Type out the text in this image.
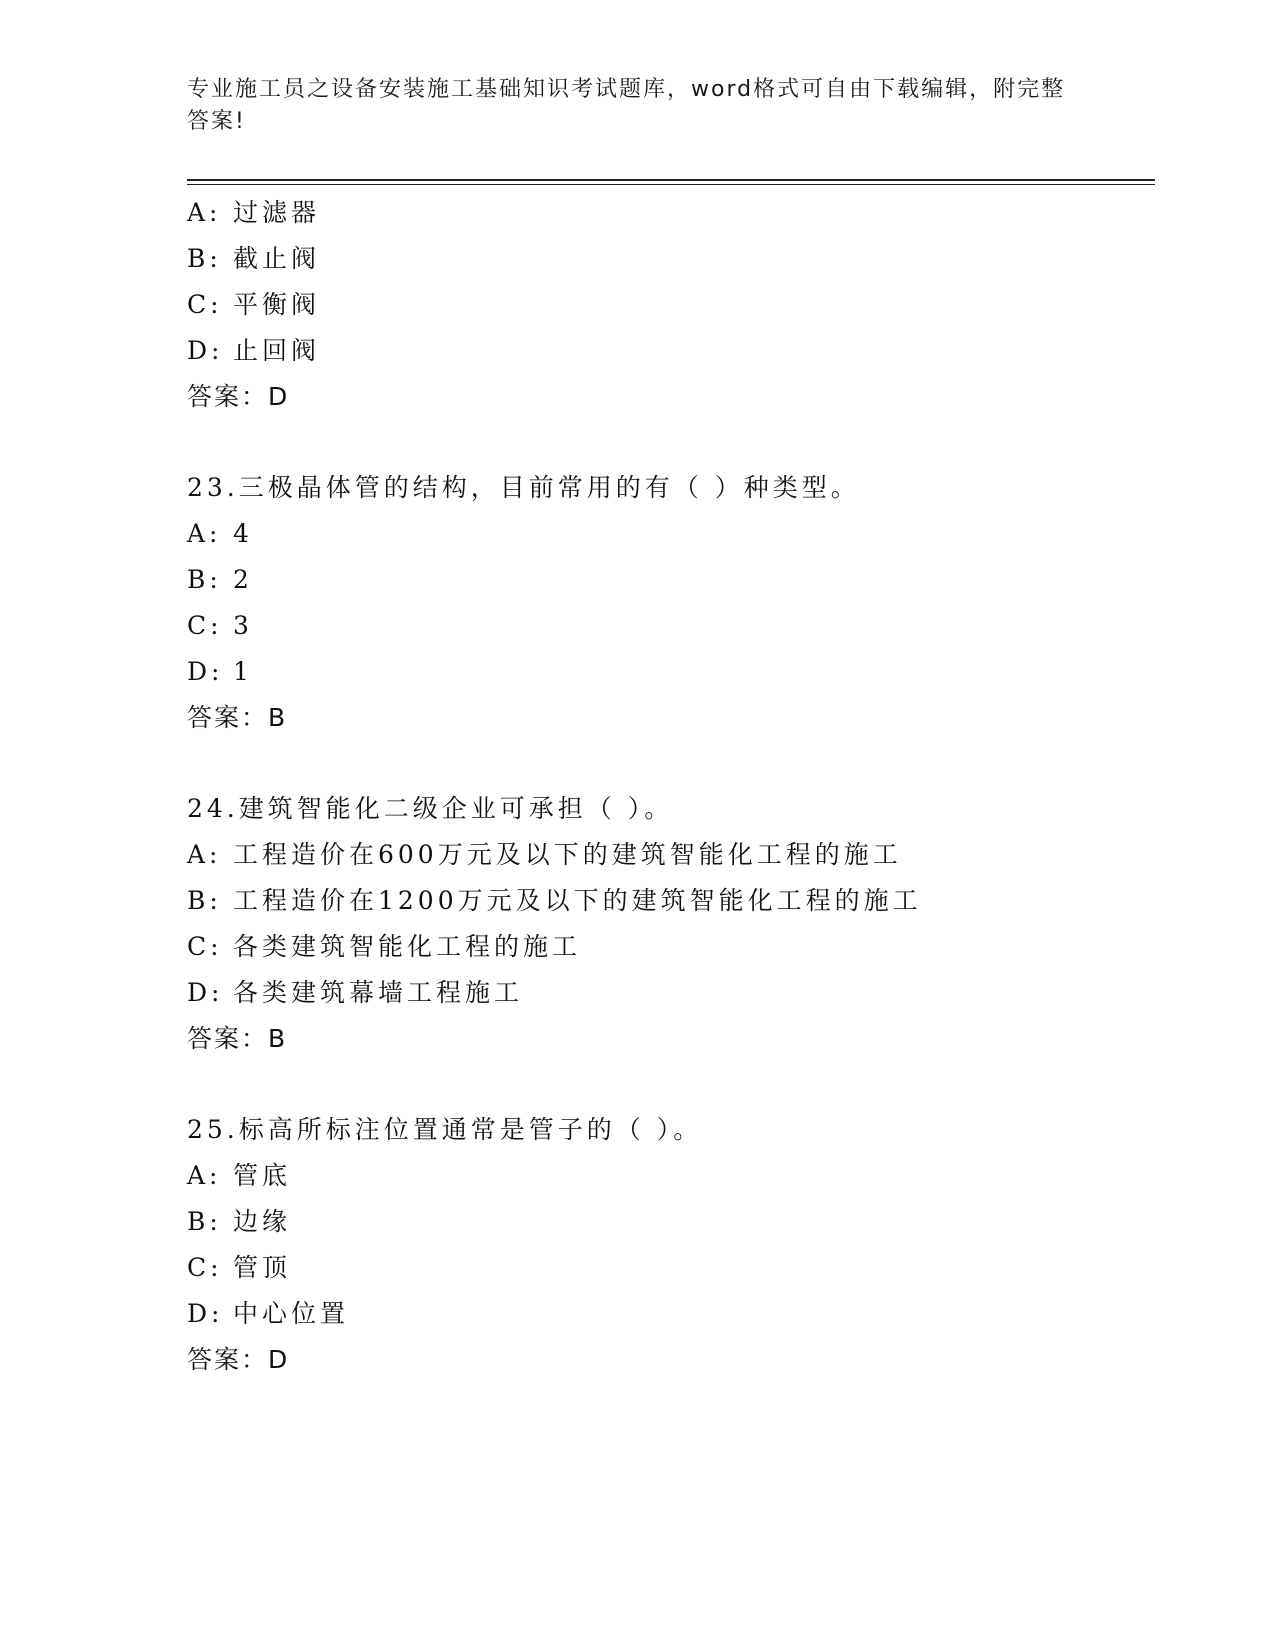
专业施工员之设备安装施工基础知识考试题库，word格式可自由下载编辑，附完整答案!
A: 过滤器
B: 截止阀
C: 平衡阀
D: 止回阀
答案：D
23.三极晶体管的结构，目前常用的有（ ）种类型。
A: 4
B: 2
C: 3
D: 1
答案：B
24.建筑智能化二级企业可承担（ ）。
A: 工程造价在600万元及以下的建筑智能化工程的施工
B: 工程造价在1200万元及以下的建筑智能化工程的施工
C: 各类建筑智能化工程的施工
D: 各类建筑幕墙工程施工
答案：B
25.标高所标注位置通常是管子的（ ）。
A: 管底
B: 边缘
C: 管顶
D: 中心位置
答案：D
